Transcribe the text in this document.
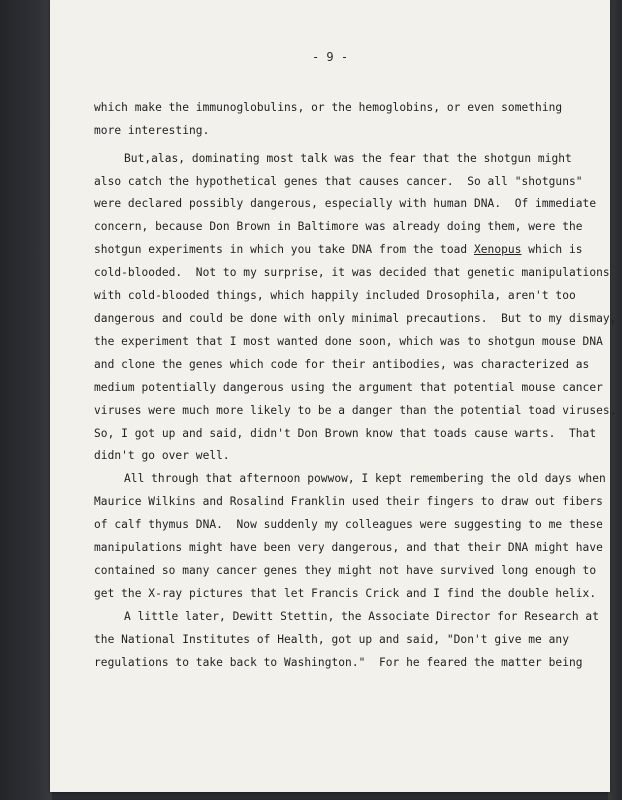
- 9 -
which make the immunoglobulins, or the hemoglobins, or even something
more interesting.
But,alas, dominating most talk was the fear that the shotgun might
also catch the hypothetical genes that causes cancer.  So all "shotguns"
were declared possibly dangerous, especially with human DNA.  Of immediate
concern, because Don Brown in Baltimore was already doing them, were the
shotgun experiments in which you take DNA from the toad Xenopus which is
cold-blooded.  Not to my surprise, it was decided that genetic manipulations
with cold-blooded things, which happily included Drosophila, aren't too
dangerous and could be done with only minimal precautions.  But to my dismay,
the experiment that I most wanted done soon, which was to shotgun mouse DNA
and clone the genes which code for their antibodies, was characterized as
medium potentially dangerous using the argument that potential mouse cancer
viruses were much more likely to be a danger than the potential toad viruses.
So, I got up and said, didn't Don Brown know that toads cause warts.  That
didn't go over well.
All through that afternoon powwow, I kept remembering the old days when
Maurice Wilkins and Rosalind Franklin used their fingers to draw out fibers
of calf thymus DNA.  Now suddenly my colleagues were suggesting to me these
manipulations might have been very dangerous, and that their DNA might have
contained so many cancer genes they might not have survived long enough to
get the X-ray pictures that let Francis Crick and I find the double helix.
A little later, Dewitt Stettin, the Associate Director for Research at
the National Institutes of Health, got up and said, "Don't give me any
regulations to take back to Washington."  For he feared the matter being
